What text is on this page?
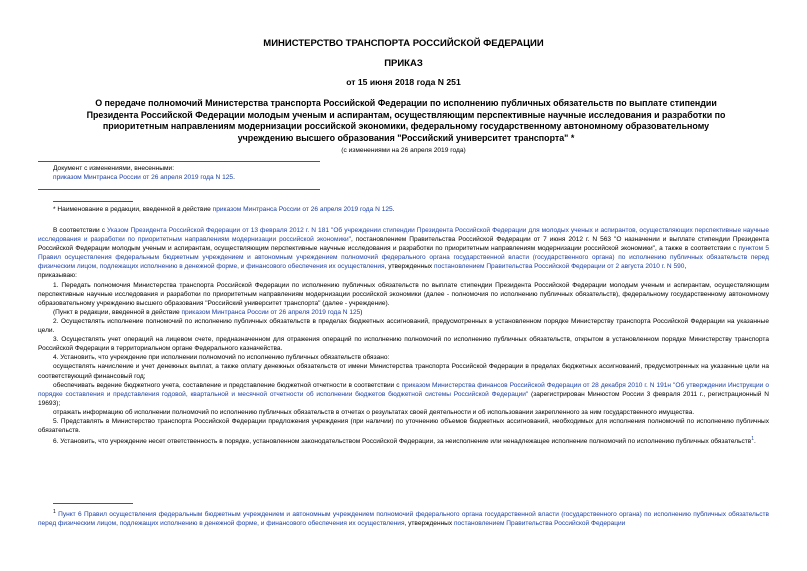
МИНИСТЕРСТВО ТРАНСПОРТА РОССИЙСКОЙ ФЕДЕРАЦИИ
ПРИКАЗ
от 15 июня 2018 года N 251
О передаче полномочий Министерства транспорта Российской Федерации по исполнению публичных обязательств по выплате стипендии Президента Российской Федерации молодым ученым и аспирантам, осуществляющим перспективные научные исследования и разработки по приоритетным направлениям модернизации российской экономики, федеральному государственному автономному образовательному учреждению высшего образования "Российский университет транспорта" *
(с изменениями на 26 апреля 2019 года)
Документ с изменениями, внесенными:
приказом Минтранса России от 26 апреля 2019 года N 125.
* Наименование в редакции, введенной в действие приказом Минтранса России от 26 апреля 2019 года N 125.
В соответствии с Указом Президента Российской Федерации от 13 февраля 2012 г. N 181 "Об учреждении стипендии Президента Российской Федерации для молодых ученых и аспирантов, осуществляющих перспективные научные исследования и разработки по приоритетным направлениям модернизации российской экономики", постановлением Правительства Российской Федерации от 7 июня 2012 г. N 563 "О назначении и выплате стипендии Президента Российской Федерации молодым ученым и аспирантам, осуществляющим перспективные научные исследования и разработки по приоритетным направлениям модернизации российской экономики", а также в соответствии с пунктом 5 Правил осуществления федеральным бюджетным учреждением и автономным учреждением полномочий федерального органа государственной власти (государственного органа) по исполнению публичных обязательств перед физическим лицом, подлежащих исполнению в денежной форме, и финансового обеспечения их осуществления, утвержденных постановлением Правительства Российской Федерации от 2 августа 2010 г. N 590,
приказываю:
1. Передать полномочия Министерства транспорта Российской Федерации по исполнению публичных обязательств по выплате стипендии Президента Российской Федерации молодым ученым и аспирантам, осуществляющим перспективные научные исследования и разработки по приоритетным направлениям модернизации российской экономики (далее - полномочия по исполнению публичных обязательств), федеральному государственному автономному образовательному учреждению высшего образования "Российский университет транспорта" (далее - учреждение).
(Пункт в редакции, введенной в действие приказом Минтранса России от 26 апреля 2019 года N 125)
2. Осуществлять исполнение полномочий по исполнению публичных обязательств в пределах бюджетных ассигнований, предусмотренных в установленном порядке Министерству транспорта Российской Федерации на указанные цели.
3. Осуществлять учет операций на лицевом счете, предназначенном для отражения операций по исполнению полномочий по исполнению публичных обязательств, открытом в установленном порядке Министерству транспорта Российской Федерации в территориальном органе Федерального казначейства.
4. Установить, что учреждение при исполнении полномочий по исполнению публичных обязательств обязано:
осуществлять начисление и учет денежных выплат, а также оплату денежных обязательств от имени Министерства транспорта Российской Федерации в пределах бюджетных ассигнований, предусмотренных на указанные цели на соответствующий финансовый год;
обеспечивать ведение бюджетного учета, составление и представление бюджетной отчетности в соответствии с приказом Министерства финансов Российской Федерации от 28 декабря 2010 г. N 191н "Об утверждении Инструкции о порядке составления и представления годовой, квартальной и месячной отчетности об исполнении бюджетов бюджетной системы Российской Федерации" (зарегистрирован Минюстом России 3 февраля 2011 г., регистрационный N 19693);
отражать информацию об исполнении полномочий по исполнению публичных обязательств в отчетах о результатах своей деятельности и об использовании закрепленного за ним государственного имущества.
5. Представлять в Министерство транспорта Российской Федерации предложения учреждения (при наличии) по уточнению объемов бюджетных ассигнований, необходимых для исполнения полномочий по исполнению публичных обязательств.
6. Установить, что учреждение несет ответственность в порядке, установленном законодательством Российской Федерации, за неисполнение или ненадлежащее исполнение полномочий по исполнению публичных обязательств$^1$.
$^1$ Пункт 6 Правил осуществления федеральным бюджетным учреждением и автономным учреждением полномочий федерального органа государственной власти (государственного органа) по исполнению публичных обязательств перед физическим лицом, подлежащих исполнению в денежной форме, и финансового обеспечения их осуществления, утвержденных постановлением Правительства Российской Федерации
